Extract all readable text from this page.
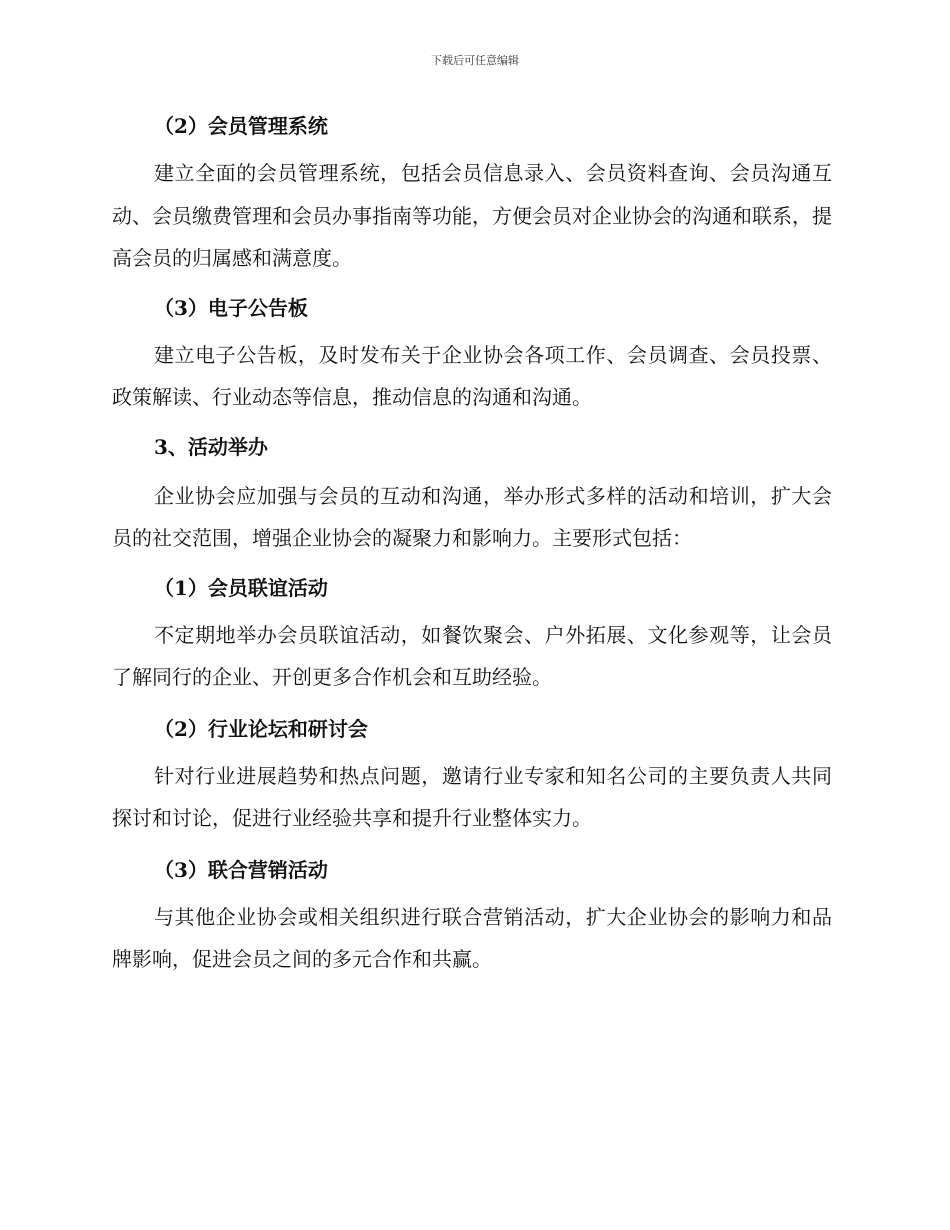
下载后可任意编辑

（2）会员管理系统

建立全面的会员管理系统，包括会员信息录入、会员资料查询、会员沟通互动、会员缴费管理和会员办事指南等功能，方便会员对企业协会的沟通和联系，提高会员的归属感和满意度。

（3）电子公告板

建立电子公告板，及时发布关于企业协会各项工作、会员调查、会员投票、政策解读、行业动态等信息，推动信息的沟通和沟通。

3、活动举办

企业协会应加强与会员的互动和沟通，举办形式多样的活动和培训，扩大会员的社交范围，增强企业协会的凝聚力和影响力。主要形式包括：

（1）会员联谊活动

不定期地举办会员联谊活动，如餐饮聚会、户外拓展、文化参观等，让会员了解同行的企业、开创更多合作机会和互助经验。

（2）行业论坛和研讨会

针对行业进展趋势和热点问题，邀请行业专家和知名公司的主要负责人共同探讨和讨论，促进行业经验共享和提升行业整体实力。

（3）联合营销活动

与其他企业协会或相关组织进行联合营销活动，扩大企业协会的影响力和品牌影响，促进会员之间的多元合作和共赢。
